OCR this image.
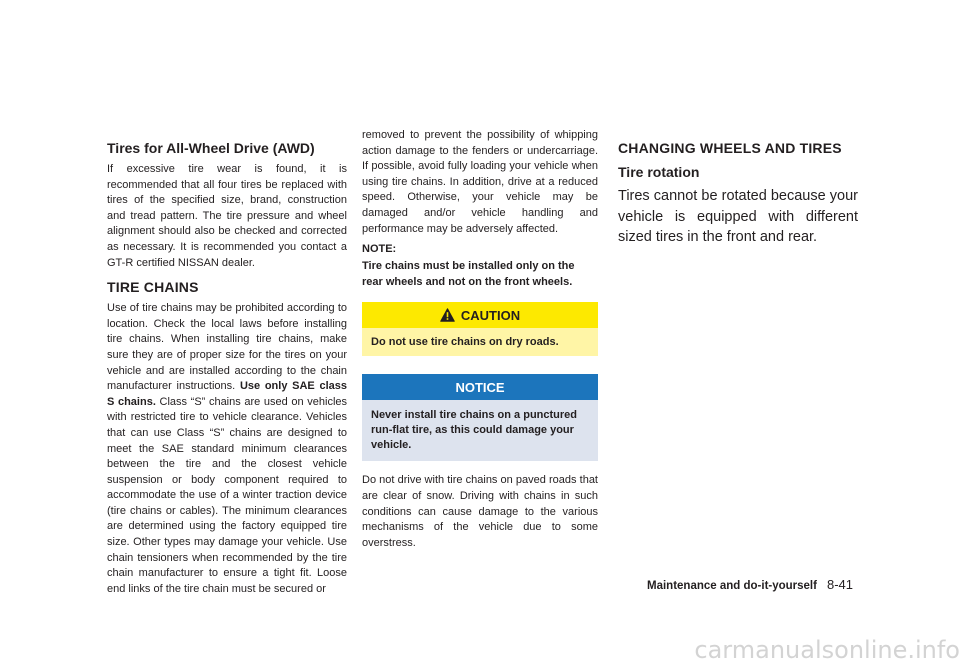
Tires for All-Wheel Drive (AWD)

If excessive tire wear is found, it is recommended that all four tires be replaced with tires of the specified size, brand, construction and tread pattern. The tire pressure and wheel alignment should also be checked and corrected as necessary. It is recommended you contact a GT-R certified NISSAN dealer.

TIRE CHAINS

Use of tire chains may be prohibited according to location. Check the local laws before installing tire chains. When installing tire chains, make sure they are of proper size for the tires on your vehicle and are installed according to the chain manufacturer instructions. Use only SAE class S chains. Class “S” chains are used on vehicles with restricted tire to vehicle clearance. Vehicles that can use Class “S” chains are designed to meet the SAE standard minimum clearances between the tire and the closest vehicle suspension or body component required to accommodate the use of a winter traction device (tire chains or cables). The minimum clearances are determined using the factory equipped tire size. Other types may damage your vehicle. Use chain tensioners when recommended by the tire chain manufacturer to ensure a tight fit. Loose end links of the tire chain must be secured or

removed to prevent the possibility of whipping action damage to the fenders or undercarriage. If possible, avoid fully loading your vehicle when using tire chains. In addition, drive at a reduced speed. Otherwise, your vehicle may be damaged and/or vehicle handling and performance may be adversely affected.

NOTE:
Tire chains must be installed only on the rear wheels and not on the front wheels.
CAUTION
Do not use tire chains on dry roads.
NOTICE
Never install tire chains on a punctured run-flat tire, as this could damage your vehicle.

Do not drive with tire chains on paved roads that are clear of snow. Driving with chains in such conditions can cause damage to the various mechanisms of the vehicle due to some overstress.

CHANGING WHEELS AND TIRES
Tire rotation

Tires cannot be rotated because your vehicle is equipped with different sized tires in the front and rear.

Maintenance and do-it-yourself 8-41
carmanualsonline.info
